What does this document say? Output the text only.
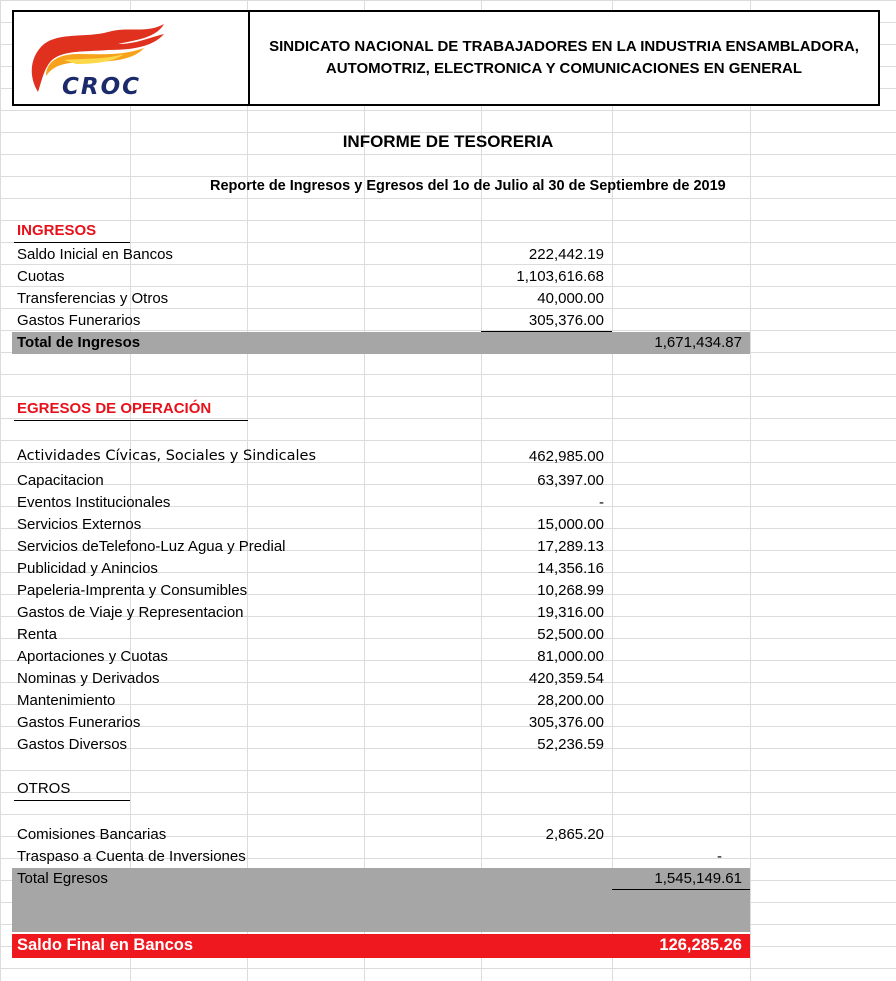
CROC
SINDICATO NACIONAL DE TRABAJADORES EN LA INDUSTRIA ENSAMBLADORA, AUTOMOTRIZ, ELECTRONICA Y COMUNICACIONES EN GENERAL
INFORME DE TESORERIA
Reporte de Ingresos y Egresos del 1o de Julio al 30 de Septiembre de 2019
INGRESOS
Saldo Inicial en Bancos	222,442.19
Cuotas	1,103,616.68
Transferencias y Otros	40,000.00
Gastos Funerarios	305,376.00
Total de Ingresos	1,671,434.87
EGRESOS DE OPERACIÓN
Actividades Cívicas, Sociales y Sindicales	462,985.00
Capacitacion	63,397.00
Eventos Institucionales	-
Servicios Externos	15,000.00
Servicios deTelefono-Luz Agua y Predial	17,289.13
Publicidad y Anincios	14,356.16
Papeleria-Imprenta y Consumibles	10,268.99
Gastos de Viaje y Representacion	19,316.00
Renta	52,500.00
Aportaciones y Cuotas	81,000.00
Nominas y Derivados	420,359.54
Mantenimiento	28,200.00
Gastos Funerarios	305,376.00
Gastos Diversos	52,236.59
OTROS
Comisiones Bancarias	2,865.20
Traspaso a Cuenta de Inversiones	-
Total Egresos	1,545,149.61
Saldo Final en Bancos	126,285.26
